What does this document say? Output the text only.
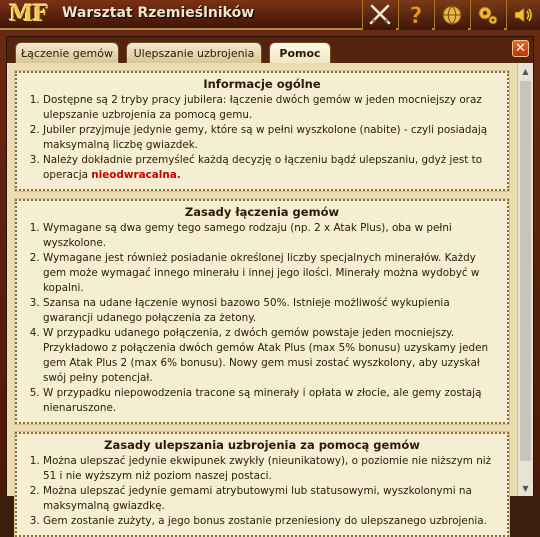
MF	Warsztat Rzemieślników	?
Łączenie gemów	Ulepszanie uzbrojenia	Pomoc	✕
Informacje ogólne
1. Dostępne są 2 tryby pracy jubilera: łączenie dwóch gemów w jeden mocniejszy oraz ulepszanie uzbrojenia za pomocą gemu.
2. Jubiler przyjmuje jedynie gemy, które są w pełni wyszkolone (nabite) - czyli posiadają maksymalną liczbę gwiazdek.
3. Należy dokładnie przemyśleć każdą decyzję o łączeniu bądź ulepszaniu, gdyż jest to operacja nieodwracalna.
Zasady łączenia gemów
1. Wymagane są dwa gemy tego samego rodzaju (np. 2 x Atak Plus), oba w pełni wyszkolone.
2. Wymagane jest również posiadanie określonej liczby specjalnych minerałów. Każdy gem może wymagać innego minerału i innej jego ilości. Minerały można wydobyć w kopalni.
3. Szansa na udane łączenie wynosi bazowo 50%. Istnieje możliwość wykupienia gwarancji udanego połączenia za żetony.
4. W przypadku udanego połączenia, z dwóch gemów powstaje jeden mocniejszy. Przykładowo z połączenia dwóch gemów Atak Plus (max 5% bonusu) uzyskamy jeden gem Atak Plus 2 (max 6% bonusu). Nowy gem musi zostać wyszkolony, aby uzyskał swój pełny potencjał.
5. W przypadku niepowodzenia tracone są minerały i opłata w złocie, ale gemy zostają nienaruszone.
Zasady ulepszania uzbrojenia za pomocą gemów
1. Można ulepszać jedynie ekwipunek zwykły (nieunikatowy), o poziomie nie niższym niż 51 i nie wyższym niż poziom naszej postaci.
2. Można ulepszać jedynie gemami atrybutowymi lub statusowymi, wyszkolonymi na maksymalną gwiazdkę.
3. Gem zostanie zużyty, a jego bonus zostanie przeniesiony do ulepszanego uzbrojenia.
▲
▼
